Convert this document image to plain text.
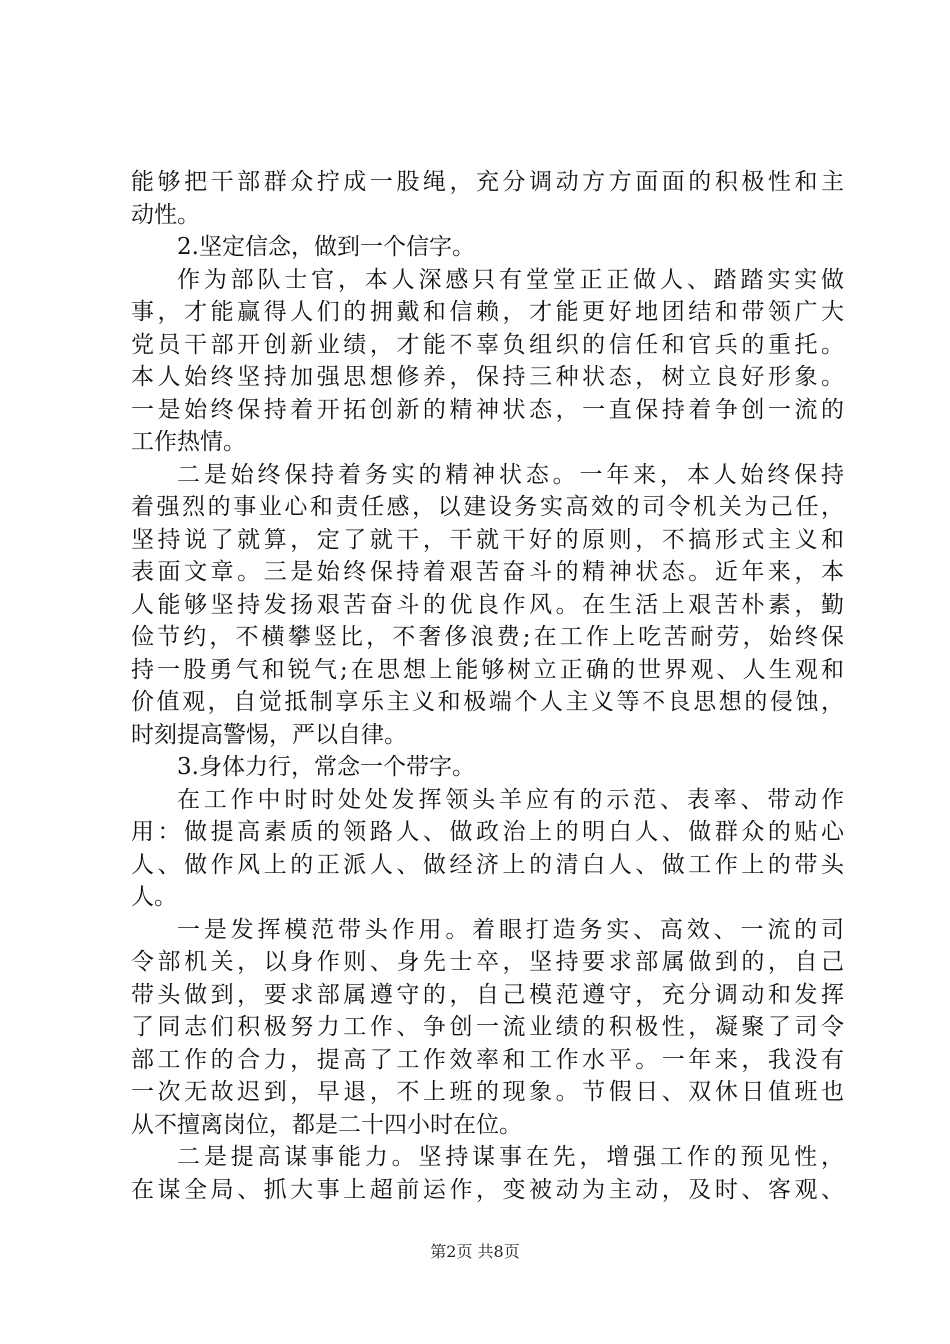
能够把干部群众拧成一股绳，充分调动方方面面的积极性和主
动性。
2.坚定信念，做到一个信字。
作为部队士官，本人深感只有堂堂正正做人、踏踏实实做
事，才能赢得人们的拥戴和信赖，才能更好地团结和带领广大
党员干部开创新业绩，才能不辜负组织的信任和官兵的重托。
本人始终坚持加强思想修养，保持三种状态，树立良好形象。
一是始终保持着开拓创新的精神状态，一直保持着争创一流的
工作热情。
二是始终保持着务实的精神状态。一年来，本人始终保持
着强烈的事业心和责任感，以建设务实高效的司令机关为己任，
坚持说了就算，定了就干，干就干好的原则，不搞形式主义和
表面文章。三是始终保持着艰苦奋斗的精神状态。近年来，本
人能够坚持发扬艰苦奋斗的优良作风。在生活上艰苦朴素，勤
俭节约，不横攀竖比，不奢侈浪费;在工作上吃苦耐劳，始终保
持一股勇气和锐气;在思想上能够树立正确的世界观、人生观和
价值观，自觉抵制享乐主义和极端个人主义等不良思想的侵蚀，
时刻提高警惕，严以自律。
3.身体力行，常念一个带字。
在工作中时时处处发挥领头羊应有的示范、表率、带动作
用：做提高素质的领路人、做政治上的明白人、做群众的贴心
人、做作风上的正派人、做经济上的清白人、做工作上的带头
人。
一是发挥模范带头作用。着眼打造务实、高效、一流的司
令部机关，以身作则、身先士卒，坚持要求部属做到的，自己
带头做到，要求部属遵守的，自己模范遵守，充分调动和发挥
了同志们积极努力工作、争创一流业绩的积极性，凝聚了司令
部工作的合力，提高了工作效率和工作水平。一年来，我没有
一次无故迟到，早退，不上班的现象。节假日、双休日值班也
从不擅离岗位，都是二十四小时在位。
二是提高谋事能力。坚持谋事在先，增强工作的预见性，
在谋全局、抓大事上超前运作，变被动为主动，及时、客观、
第2页 共8页
